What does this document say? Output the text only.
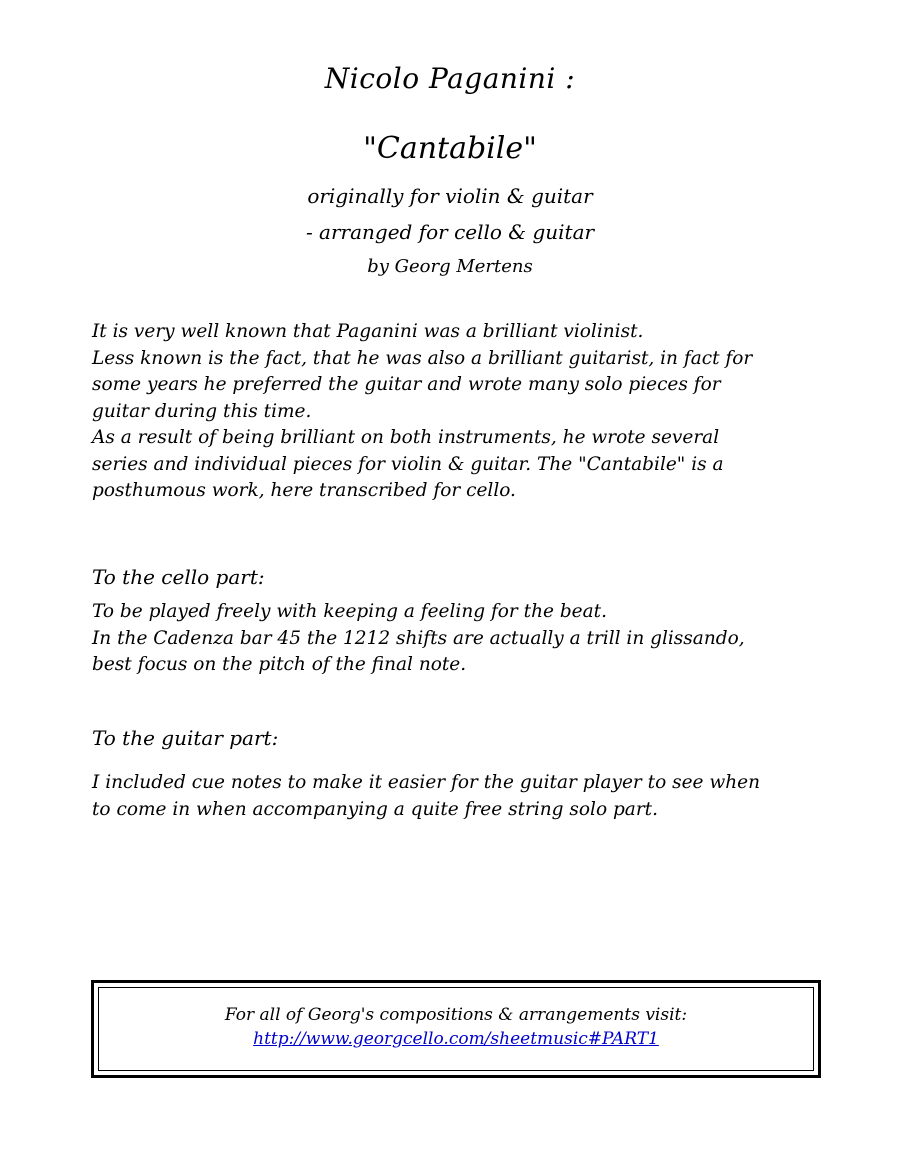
Nicolo Paganini :
"Cantabile"
originally for violin & guitar
- arranged for cello & guitar
by Georg Mertens
It is very well known that Paganini was a brilliant violinist.
Less known is the fact, that he was also a brilliant guitarist, in fact for
some years he preferred the guitar and wrote many solo pieces for
guitar during this time.
As a result of being brilliant on both instruments, he wrote several
series and individual pieces for violin & guitar. The "Cantabile" is a
posthumous work, here transcribed for cello.
To the cello part:
To be played freely with keeping a feeling for the beat.
In the Cadenza bar 45 the 1212 shifts are actually a trill in glissando,
best focus on the pitch of the final note.
To the guitar part:
I included cue notes to make it easier for the guitar player to see when
to come in when accompanying a quite free string solo part.
For all of Georg's compositions & arrangements visit:
http://www.georgcello.com/sheetmusic#PART1
